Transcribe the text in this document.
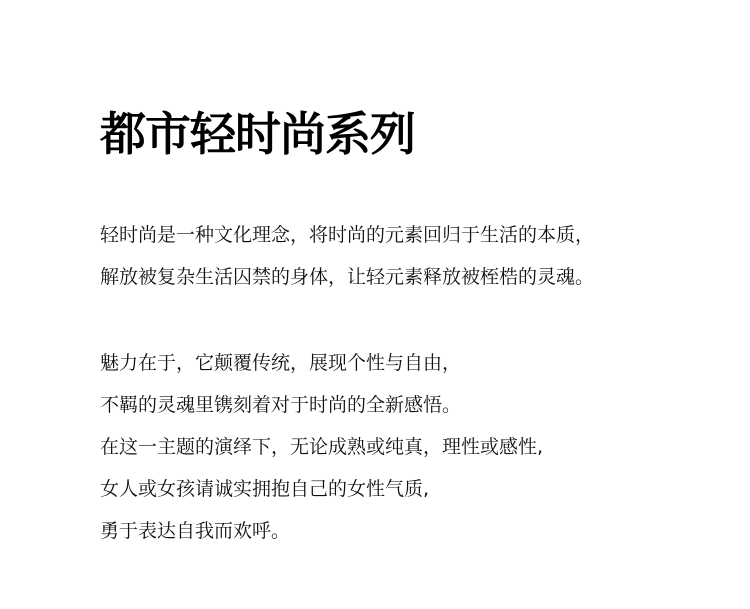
都市轻时尚系列
轻时尚是一种文化理念，将时尚的元素回归于生活的本质，
解放被复杂生活囚禁的身体，让轻元素释放被桎梏的灵魂。
魅力在于，它颠覆传统，展现个性与自由，
不羁的灵魂里镌刻着对于时尚的全新感悟。
在这一主题的演绎下，无论成熟或纯真，理性或感性,
女人或女孩请诚实拥抱自己的女性气质,
勇于表达自我而欢呼。
